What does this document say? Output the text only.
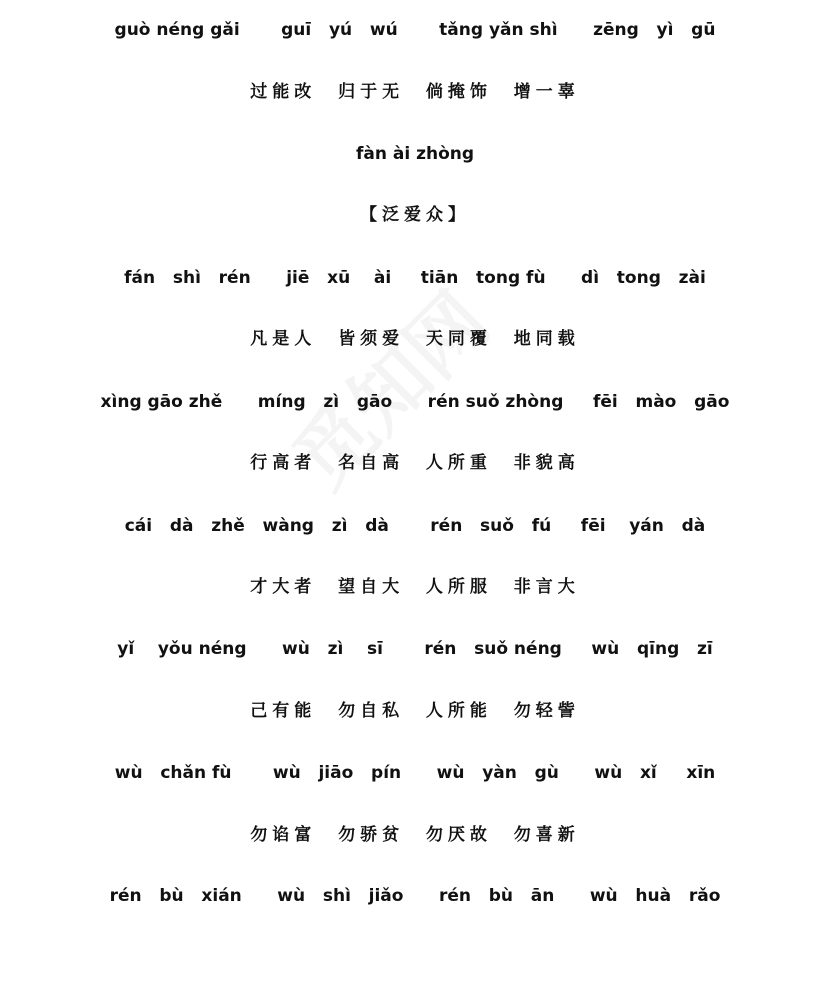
guò néng gǎi       guī   yú   wú       tǎng yǎn shì      zēng   yì   gū
过能改  归于无  倘掩饰  增一辜
fàn ài zhòng
【泛爱众】
fán   shì   rén      jiē   xū    ài     tiān   tong fù      dì   tong   zài
凡是人  皆须爱  天同覆  地同载
xìng gāo zhě      míng   zì   gāo      rén suǒ zhòng     fēi   mào   gāo
行高者  名自高  人所重  非貌高
cái   dà   zhě   wàng   zì   dà       rén   suǒ   fú     fēi    yán   dà
才大者  望自大  人所服  非言大
yǐ    yǒu néng      wù   zì    sī       rén   suǒ néng     wù   qīng   zī
己有能  勿自私  人所能  勿轻訾
wù   chǎn fù       wù   jiāo   pín      wù   yàn   gù      wù   xǐ     xīn
勿谄富  勿骄贫  勿厌故  勿喜新
rén   bù   xián      wù   shì   jiǎo      rén   bù   ān      wù   huà   rǎo
